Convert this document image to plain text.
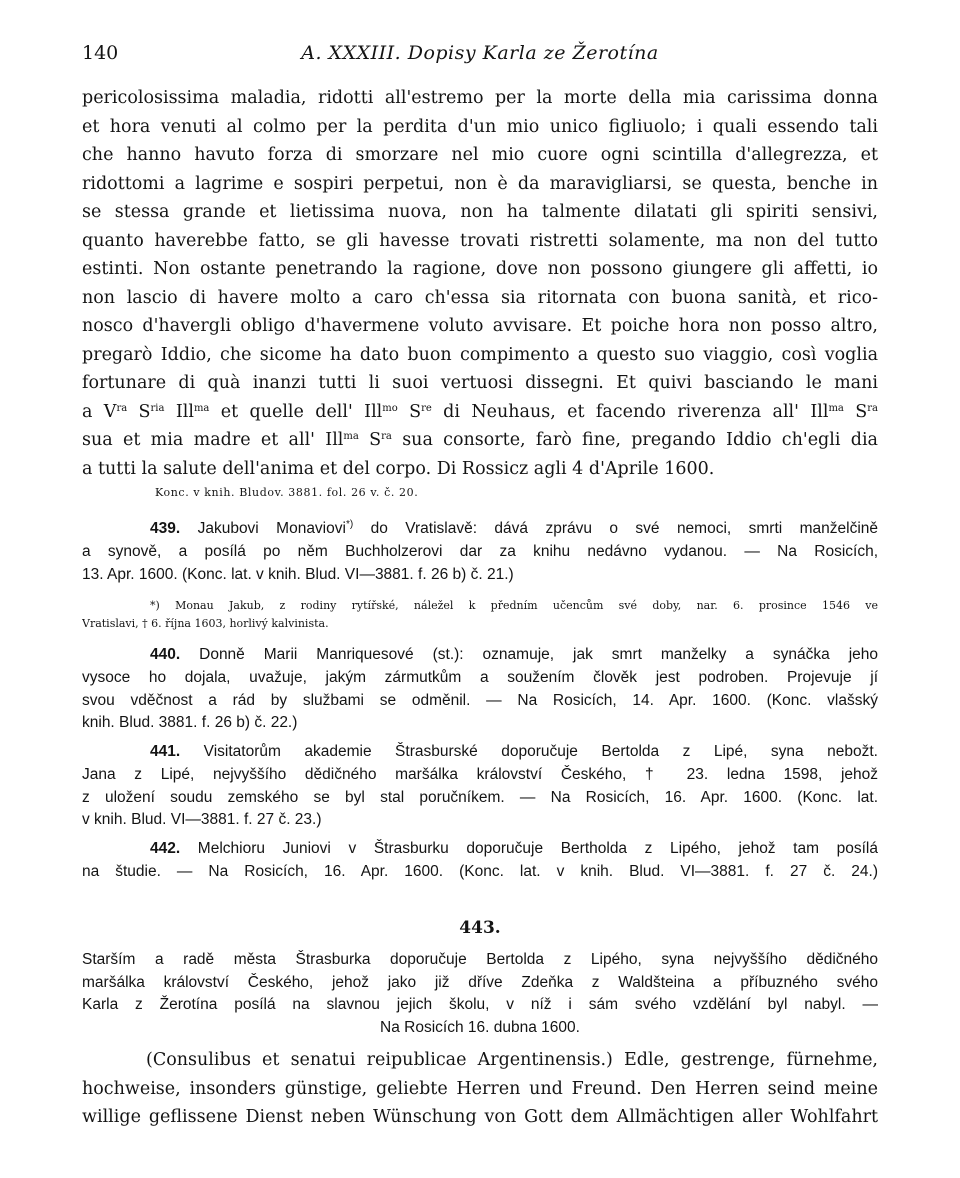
140	A. XXXIII. Dopisy Karla ze Žerotína
pericolosissima maladia, ridotti all'estremo per la morte della mia carissima donna
et hora venuti al colmo per la perdita d'un mio unico figliuolo; i quali essendo tali
che hanno havuto forza di smorzare nel mio cuore ogni scintilla d'allegrezza, et
ridottomi a lagrime e sospiri perpetui, non è da maravigliarsi, se questa, benche in
se stessa grande et lietissima nuova, non ha talmente dilatati gli spiriti sensivi,
quanto haverebbe fatto, se gli havesse trovati ristretti solamente, ma non del tutto
estinti. Non ostante penetrando la ragione, dove non possono giungere gli affetti, io
non lascio di havere molto a caro ch'essa sia ritornata con buona sanità, et rico-
nosco d'havergli obligo d'havermene voluto avvisare. Et poiche hora non posso altro,
pregarò Iddio, che sicome ha dato buon compimento a questo suo viaggio, così voglia
fortunare di quà inanzi tutti li suoi vertuosi dissegni. Et quivi basciando le mani
a $V^{ra}$ $S^{ria}$ Ill$^{ma}$ et quelle dell' Ill$^{mo}$ $S^{re}$ di Neuhaus, et facendo riverenza all' Ill$^{ma}$ $S^{ra}$
sua et mia madre et all' Ill$^{ma}$ $S^{ra}$ sua consorte, farò fine, pregando Iddio ch'egli dia
a tutti la salute dell'anima et del corpo. Di Rossicz agli 4 d'Aprile 1600.
Konc. v knih. Bludov. 3881. fol. 26 v. č. 20.
439. Jakubovi Monaviovi*) do Vratislavě: dává zprávu o své nemoci, smrti manželčině
a synově, a posílá po něm Buchholzerovi dar za knihu nedávno vydanou. — Na Rosicích,
13. Apr. 1600. (Konc. lat. v knih. Blud. VI—3881. f. 26 b) č. 21.)
*) Monau Jakub, z rodiny rytířské, náležel k předním učencům své doby, nar. 6. prosince 1546 ve
Vratislavi, † 6. října 1603, horlivý kalvinista.
440. Donně Marii Manriquesové (st.): oznamuje, jak smrt manželky a synáčka jeho
vysoce ho dojala, uvažuje, jakým zármutkům a soužením člověk jest podroben. Projevuje jí
svou vděčnost a rád by službami se odměnil. — Na Rosicích, 14. Apr. 1600. (Konc. vlašský
knih. Blud. 3881. f. 26 b) č. 22.)
441. Visitatorům akademie Štrasburské doporučuje Bertolda z Lipé, syna nebožt.
Jana z Lipé, nejvyššího dědičného maršálka království Českého, † 23. ledna 1598, jehož
z uložení soudu zemského se byl stal poručníkem. — Na Rosicích, 16. Apr. 1600. (Konc. lat.
v knih. Blud. VI—3881. f. 27 č. 23.)
442. Melchioru Juniovi v Štrasburku doporučuje Bertholda z Lipého, jehož tam posílá
na študie. — Na Rosicích, 16. Apr. 1600. (Konc. lat. v knih. Blud. VI—3881. f. 27 č. 24.)
443.
Starším a radě města Štrasburka doporučuje Bertolda z Lipého, syna nejvyššího dědičného
maršálka království Českého, jehož jako již dříve Zdeňka z Waldšteina a příbuzného svého
Karla z Žerotína posílá na slavnou jejich školu, v níž i sám svého vzdělání byl nabyl. —
Na Rosicích 16. dubna 1600.
(Consulibus et senatui reipublicae Argentinensis.) Edle, gestrenge, fürnehme,
hochweise, insonders günstige, geliebte Herren und Freund. Den Herren seind meine
willige geflissene Dienst neben Wünschung von Gott dem Allmächtigen aller Wohlfahrt
